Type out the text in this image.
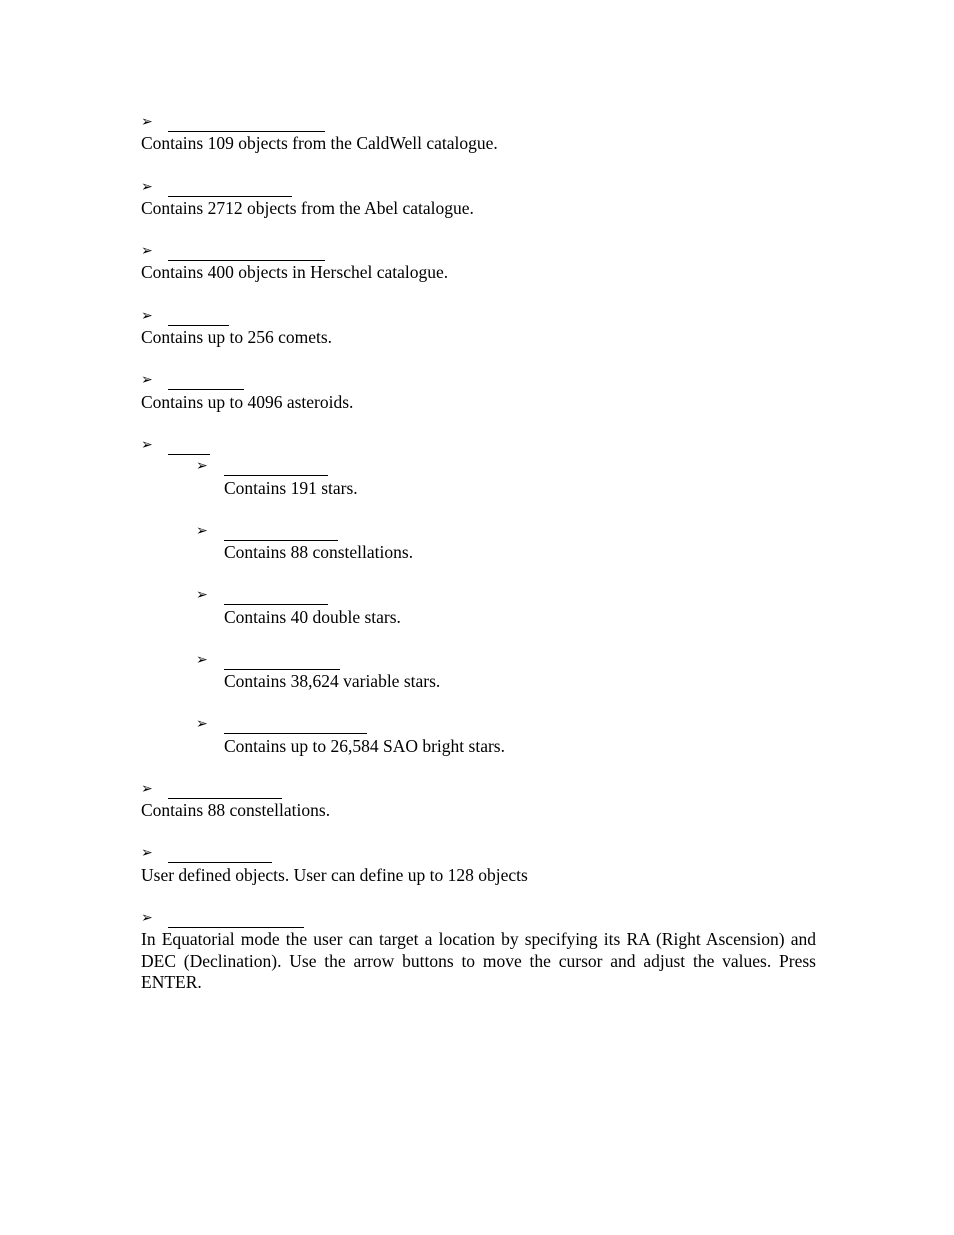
➢
Contains 109 objects from the CaldWell catalogue.
➢
Contains 2712 objects from the Abel catalogue.
➢
Contains 400 objects in Herschel catalogue.
➢
Contains up to 256 comets.
➢
Contains up to 4096 asteroids.
➢
➢
Contains 191 stars.
➢
Contains 88 constellations.
➢
Contains 40 double stars.
➢
Contains 38,624 variable stars.
➢
Contains up to 26,584 SAO bright stars.
➢
Contains 88 constellations.
➢
User defined objects. User can define up to 128 objects
➢
In Equatorial mode the user can target a location by specifying its RA (Right Ascension) and DEC (Declination). Use the arrow buttons to move the cursor and adjust the values. Press ENTER.
